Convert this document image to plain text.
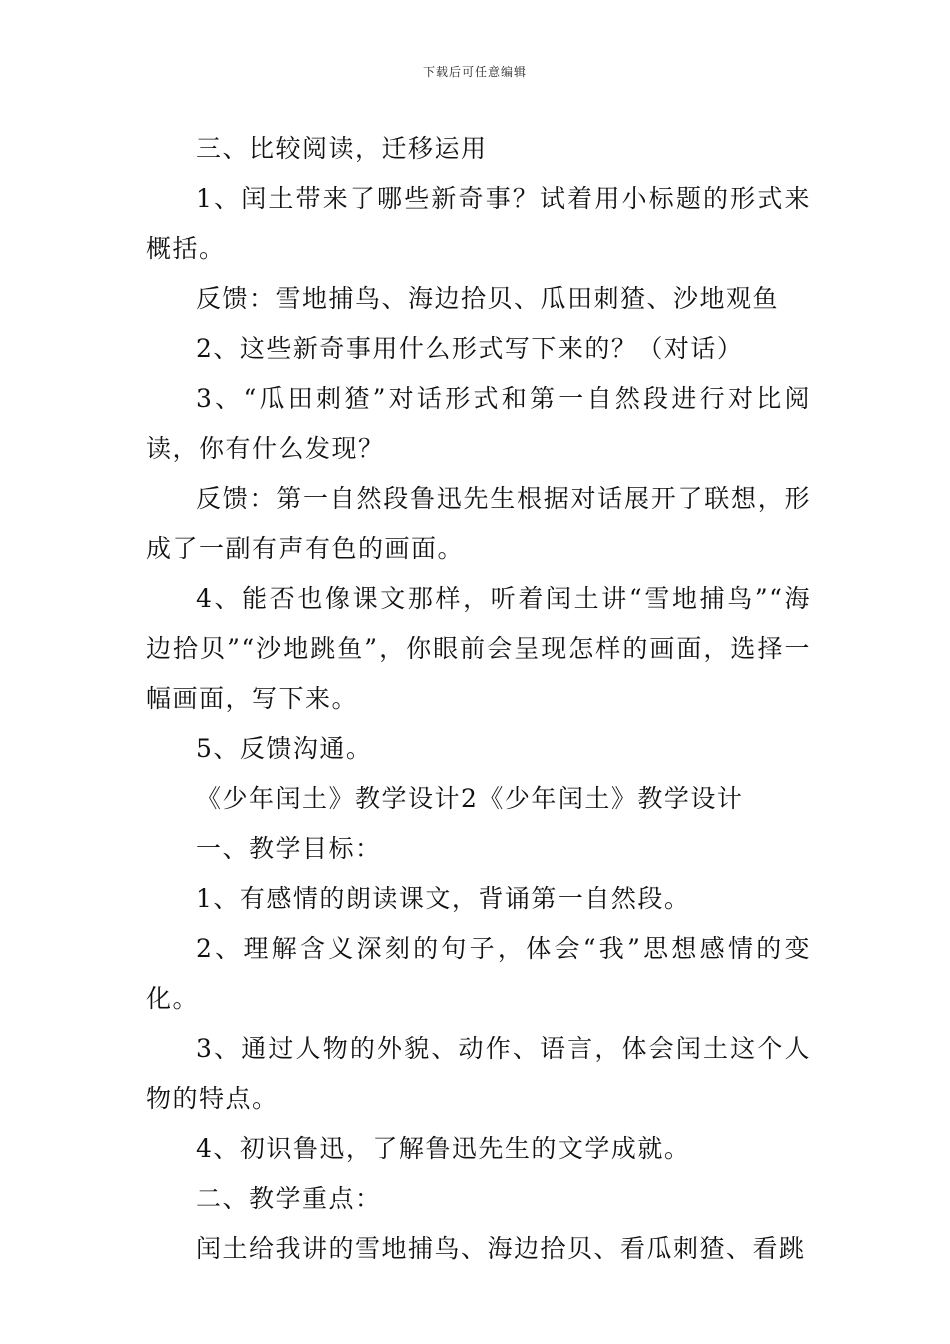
下载后可任意编辑

三、比较阅读，迁移运用

1、闰土带来了哪些新奇事？试着用小标题的形式来概括。

反馈：雪地捕鸟、海边拾贝、瓜田刺猹、沙地观鱼

2、这些新奇事用什么形式写下来的？（对话）

3、“瓜田刺猹”对话形式和第一自然段进行对比阅读，你有什么发现？

反馈：第一自然段鲁迅先生根据对话展开了联想，形成了一副有声有色的画面。

4、能否也像课文那样，听着闰土讲“雪地捕鸟”“海边拾贝”“沙地跳鱼”，你眼前会呈现怎样的画面，选择一幅画面，写下来。

5、反馈沟通。

《少年闰土》教学设计2《少年闰土》教学设计

一、教学目标：

1、有感情的朗读课文，背诵第一自然段。

2、理解含义深刻的句子，体会“我”思想感情的变化。

3、通过人物的外貌、动作、语言，体会闰土这个人物的特点。

4、初识鲁迅，了解鲁迅先生的文学成就。

二、教学重点：

闰土给我讲的雪地捕鸟、海边拾贝、看瓜刺猹、看跳
